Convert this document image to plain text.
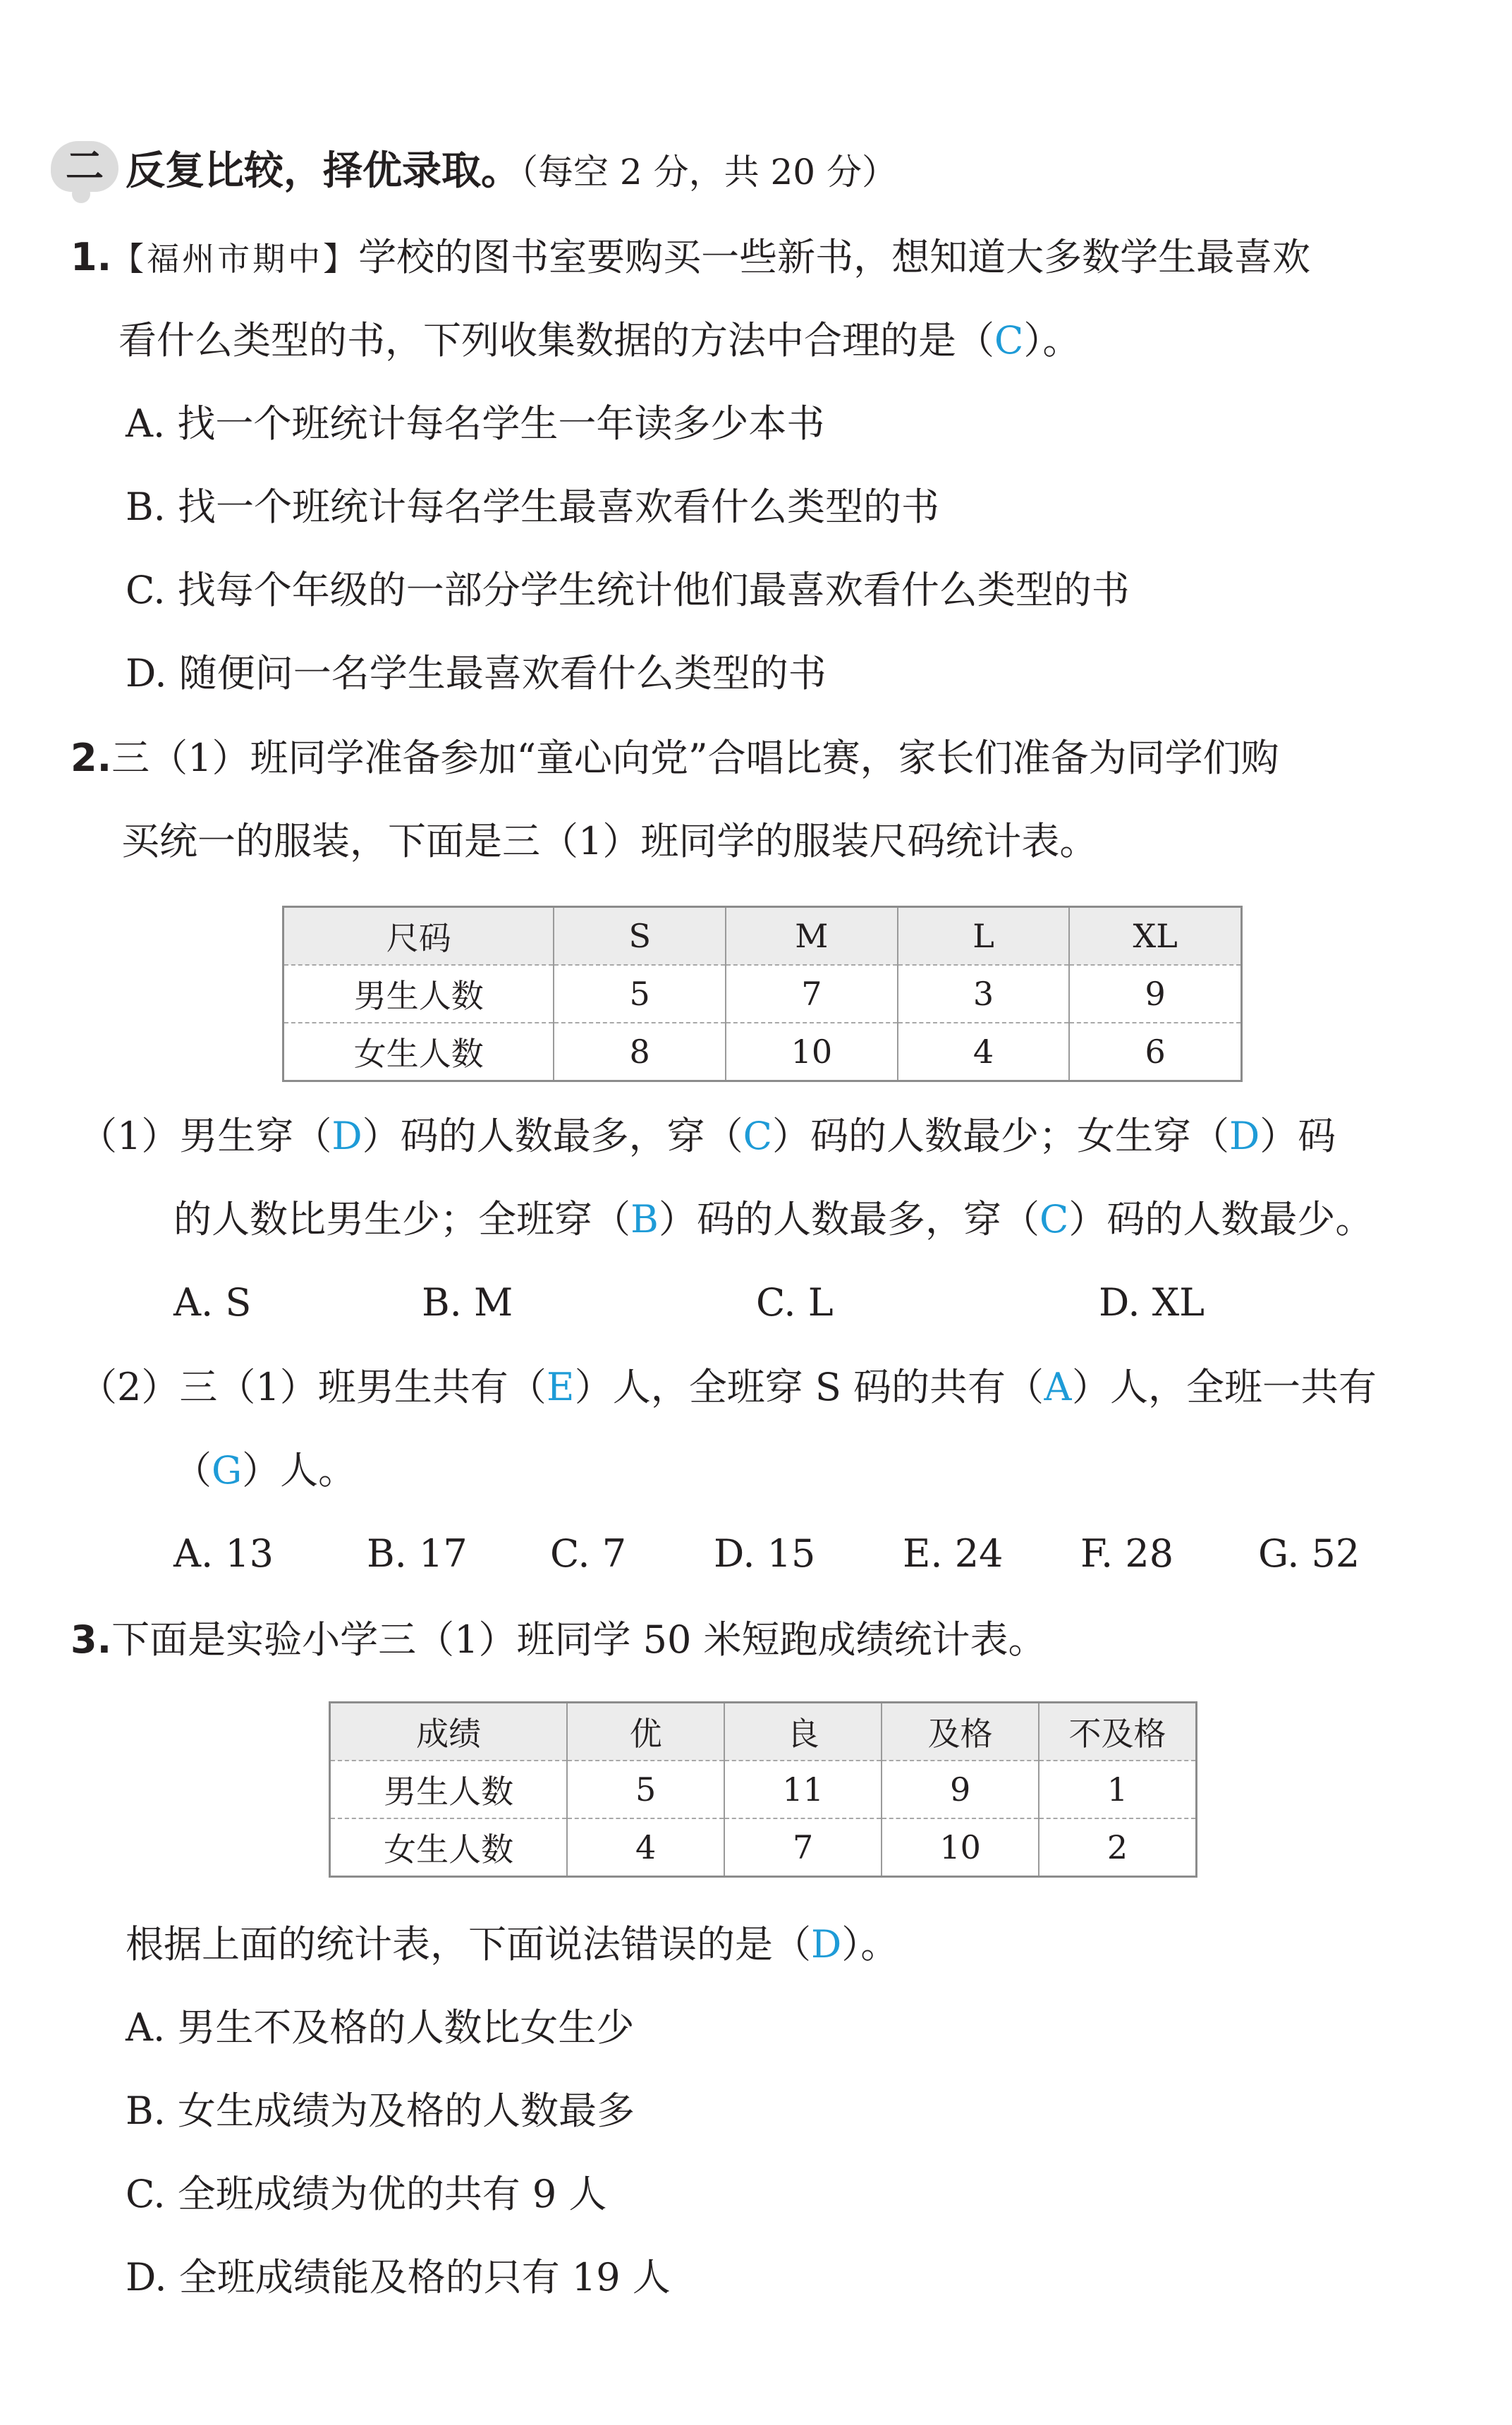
二 反复比较，择优录取。（每空 2 分，共 20 分）
1.【福州市期中】学校的图书室要购买一些新书，想知道大多数学生最喜欢
看什么类型的书，下列收集数据的方法中合理的是（C）。
A. 找一个班统计每名学生一年读多少本书
B. 找一个班统计每名学生最喜欢看什么类型的书
C. 找每个年级的一部分学生统计他们最喜欢看什么类型的书
D. 随便问一名学生最喜欢看什么类型的书
2.三（1）班同学准备参加“童心向党”合唱比赛，家长们准备为同学们购
买统一的服装，下面是三（1）班同学的服装尺码统计表。
尺码	S	M	L	XL
男生人数	5	7	3	9
女生人数	8	10	4	6
（1）男生穿（D）码的人数最多，穿（C）码的人数最少；女生穿（D）码
的人数比男生少；全班穿（B）码的人数最多，穿（C）码的人数最少。
A. S	B. M	C. L	D. XL
（2）三（1）班男生共有（E）人，全班穿 S 码的共有（A）人，全班一共有
（G）人。
A. 13 B. 17 C. 7 D. 15 E. 24 F. 28 G. 52
3.下面是实验小学三（1）班同学 50 米短跑成绩统计表。
成绩	优	良	及格	不及格
男生人数	5	11	9	1
女生人数	4	7	10	2
根据上面的统计表，下面说法错误的是（D）。
A. 男生不及格的人数比女生少
B. 女生成绩为及格的人数最多
C. 全班成绩为优的共有 9 人
D. 全班成绩能及格的只有 19 人
